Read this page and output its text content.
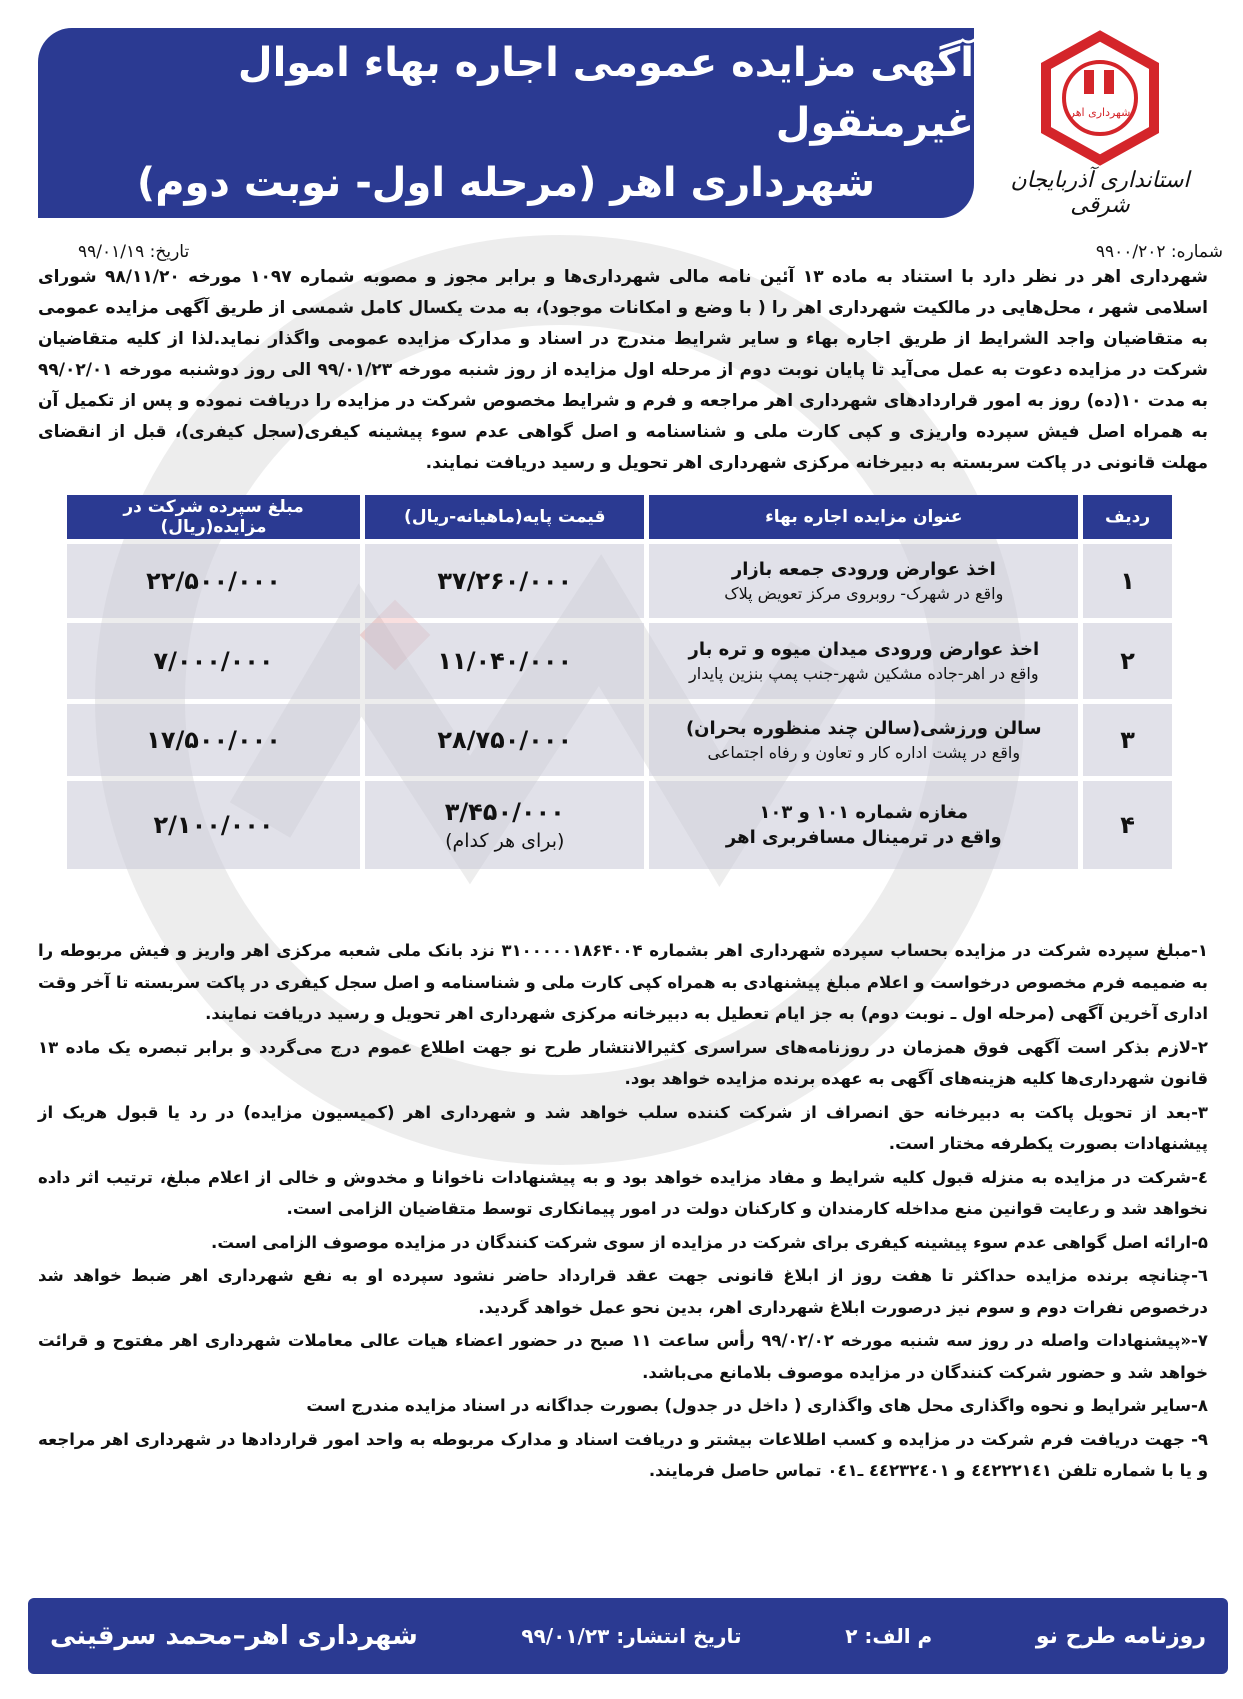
شهرداری اهر
استانداری آذربایجان شرقی
آگهی مزایده عمومی اجاره بهاء اموال غیرمنقول
شهرداری اهر (مرحله اول- نوبت دوم)
شماره: ۹۹۰۰/۲۰۲
تاریخ: ۹۹/۰۱/۱۹
شهرداری اهر در نظر دارد با استناد به ماده ۱۳ آئین نامه مالی شهرداری‌ها و برابر مجوز و مصوبه شماره ۱۰۹۷ مورخه ۹۸/۱۱/۲۰ شورای اسلامی شهر ، محل‌هایی در مالکیت شهرداری اهر را ( با وضع و امکانات موجود)، به مدت یکسال کامل شمسی از طریق آگهی مزایده عمومی به متقاضیان واجد الشرایط از طریق اجاره بهاء و سایر شرایط مندرج در اسناد و مدارک مزایده عمومی واگذار نماید.لذا از کلیه متقاضیان شرکت در مزایده دعوت به عمل می‌آید تا پایان نوبت دوم از مرحله اول مزایده از روز شنبه مورخه ۹۹/۰۱/۲۳ الی روز دوشنبه مورخه ۹۹/۰۲/۰۱ به مدت ۱۰(ده) روز به امور قراردادهای شهرداری اهر مراجعه و فرم و شرایط مخصوص شرکت در مزایده را دریافت نموده و پس از تکمیل آن به همراه اصل فیش سپرده واریزی و کپی کارت ملی و شناسنامه و اصل گواهی عدم سوء پیشینه کیفری(سجل کیفری)، قبل از انقضای مهلت قانونی در پاکت سربسته به دبیرخانه مرکزی شهرداری اهر تحویل و رسید دریافت نمایند.
ردیف	عنوان مزایده اجاره بهاء	قیمت پایه(ماهیانه-ریال)	مبلغ سپرده شرکت در مزایده(ریال)
۱	اخذ عوارض ورودی جمعه بازار
واقع در شهرک- روبروی مرکز تعویض پلاک	۳۷/۲۶۰/۰۰۰	۲۲/۵۰۰/۰۰۰
۲	اخذ عوارض ورودی میدان میوه و تره بار
واقع در اهر-جاده مشکین شهر-جنب پمپ بنزین پایدار	۱۱/۰۴۰/۰۰۰	۷/۰۰۰/۰۰۰
۳	سالن ورزشی(سالن چند منظوره بحران)
واقع در پشت اداره کار و تعاون و رفاه اجتماعی	۲۸/۷۵۰/۰۰۰	۱۷/۵۰۰/۰۰۰
۴	مغازه شماره ۱۰۱ و ۱۰۳
واقع در ترمینال مسافربری اهر	۳/۴۵۰/۰۰۰
(برای هر کدام)	۲/۱۰۰/۰۰۰

۱-مبلغ سپرده شرکت در مزایده بحساب سپرده شهرداری اهر بشماره ۳۱۰۰۰۰۰۱۸۶۴۰۰۴ نزد بانک ملی شعبه مرکزی اهر واریز و فیش مربوطه را به ضمیمه فرم مخصوص درخواست و اعلام مبلغ پیشنهادی به همراه کپی کارت ملی و شناسنامه و اصل سجل کیفری در پاکت سربسته تا آخر وقت اداری آخرین آگهی (مرحله اول ـ نوبت دوم) به جز ایام تعطیل به دبیرخانه مرکزی شهرداری اهر تحویل و رسید دریافت نمایند.

۲-لازم بذکر است آگهی فوق همزمان در روزنامه‌های سراسری کثیرالانتشار طرح نو جهت اطلاع عموم درج می‌گردد و برابر تبصره یک ماده ۱۳ قانون شهرداری‌ها کلیه هزینه‌های آگهی به عهده برنده مزایده خواهد بود.

۳-بعد از تحویل پاکت به دبیرخانه حق انصراف از شرکت کننده سلب خواهد شد و شهرداری اهر (کمیسیون مزایده) در رد یا قبول هریک از پیشنهادات بصورت یکطرفه مختار است.

٤-شرکت در مزایده به منزله قبول کلیه شرایط و مفاد مزایده خواهد بود و به پیشنهادات ناخوانا و مخدوش و خالی از اعلام مبلغ، ترتیب اثر داده نخواهد شد و رعایت قوانین منع مداخله کارمندان و کارکنان دولت در امور پیمانکاری توسط متقاضیان الزامی است.

۵-ارائه اصل گواهی عدم سوء پیشینه کیفری برای شرکت در مزایده از سوی شرکت کنندگان در مزایده موصوف الزامی است.

٦-چنانچه برنده مزایده حداکثر تا هفت روز از ابلاغ قانونی جهت عقد قرارداد حاضر نشود سپرده او به نفع شهرداری اهر ضبط خواهد شد درخصوص نفرات دوم و سوم نیز درصورت ابلاغ شهرداری اهر، بدین نحو عمل خواهد گردید.

۷-«پیشنهادات واصله در روز سه شنبه مورخه ۹۹/۰۲/۰۲ رأس ساعت ۱۱ صبح در حضور اعضاء هیات عالی معاملات شهرداری اهر مفتوح و قرائت خواهد شد و حضور شرکت کنندگان در مزایده موصوف بلامانع می‌باشد.

۸-سایر شرایط و نحوه واگذاری محل های واگذاری ( داخل در جدول) بصورت جداگانه در اسناد مزایده مندرج است

۹- جهت دریافت فرم شرکت در مزایده و کسب اطلاعات بیشتر و دریافت اسناد و مدارک مربوطه به واحد امور قراردادها در شهرداری اهر مراجعه و یا با شماره تلفن ٤٤٢٢٢١٤١ و ٤٤٢٣٢٤٠١ ـ۰٤١ تماس حاصل فرمایند.

روزنامه طرح نو
م الف: ۲
تاریخ انتشار: ۹۹/۰۱/۲۳
شهرداری اهر–محمد سرقینی
